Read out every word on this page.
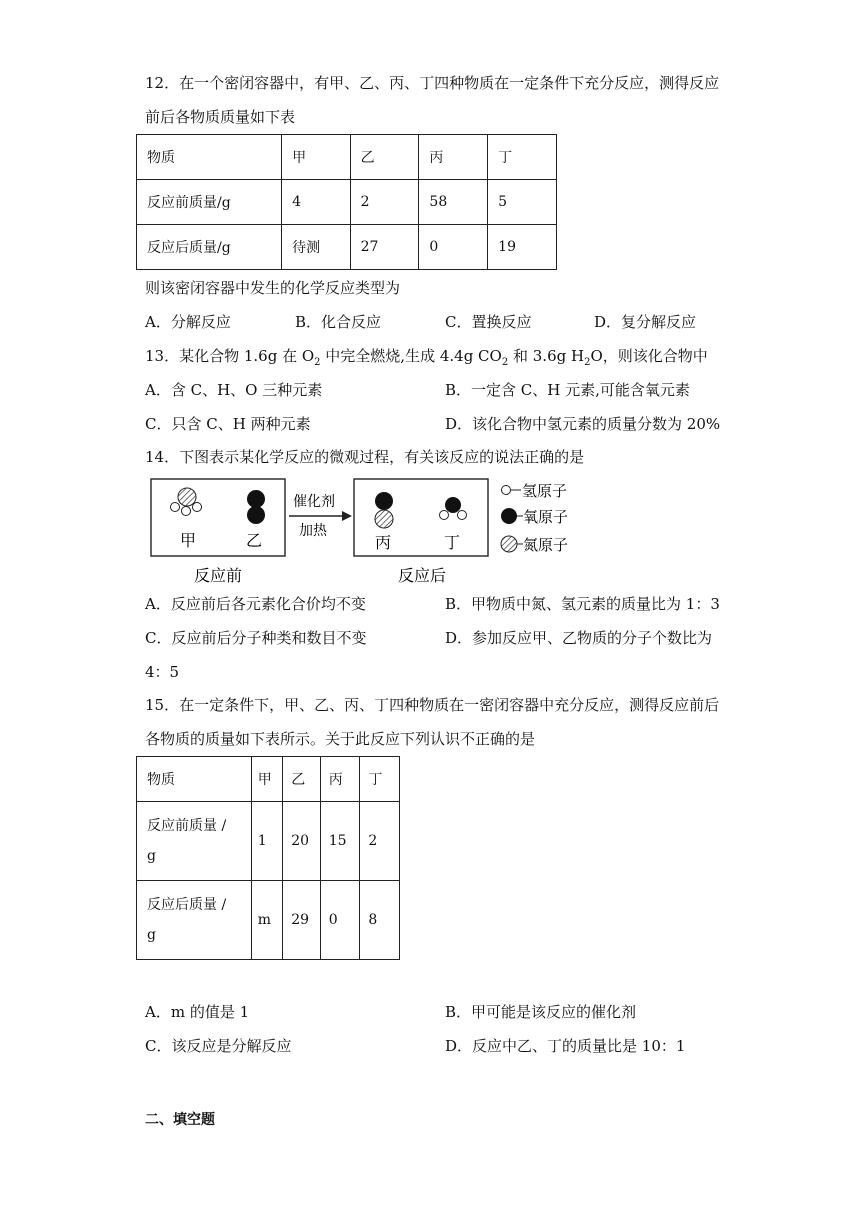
12．在一个密闭容器中，有甲、乙、丙、丁四种物质在一定条件下充分反应，测得反应
前后各物质质量如下表
物质	甲	乙	丙	丁
反应前质量/g	4	2	58	5
反应后质量/g	待测	27	0	19
则该密闭容器中发生的化学反应类型为
A．分解反应	B．化合反应	C．置换反应	D．复分解反应
13．某化合物 1.6g 在 $O_2$ 中完全燃烧,生成 4.4g $CO_2$ 和 3.6g $H_2O$，则该化合物中
A．含 C、H、O 三种元素	B．一定含 C、H 元素,可能含氧元素
C．只含 C、H 两种元素	D．该化合物中氢元素的质量分数为 20%
14．下图表示某化学反应的微观过程，有关该反应的说法正确的是
甲	乙
催化剂
加热
丙	丁
反应前	反应后
氢原子
氧原子
氮原子
A．反应前后各元素化合价均不变	B．甲物质中氮、氢元素的质量比为 1：3
C．反应前后分子种类和数目不变	D．参加反应甲、乙物质的分子个数比为
4：5
15．在一定条件下，甲、乙、丙、丁四种物质在一密闭容器中充分反应，测得反应前后
各物质的质量如下表所示。关于此反应下列认识不正确的是
物质	甲	乙	丙	丁
反应前质量 /
g	1	20	15	2
反应后质量 /
g	m	29	0	8
A．m 的值是 1	B．甲可能是该反应的催化剂
C．该反应是分解反应	D．反应中乙、丁的质量比是 10：1
二、填空题
